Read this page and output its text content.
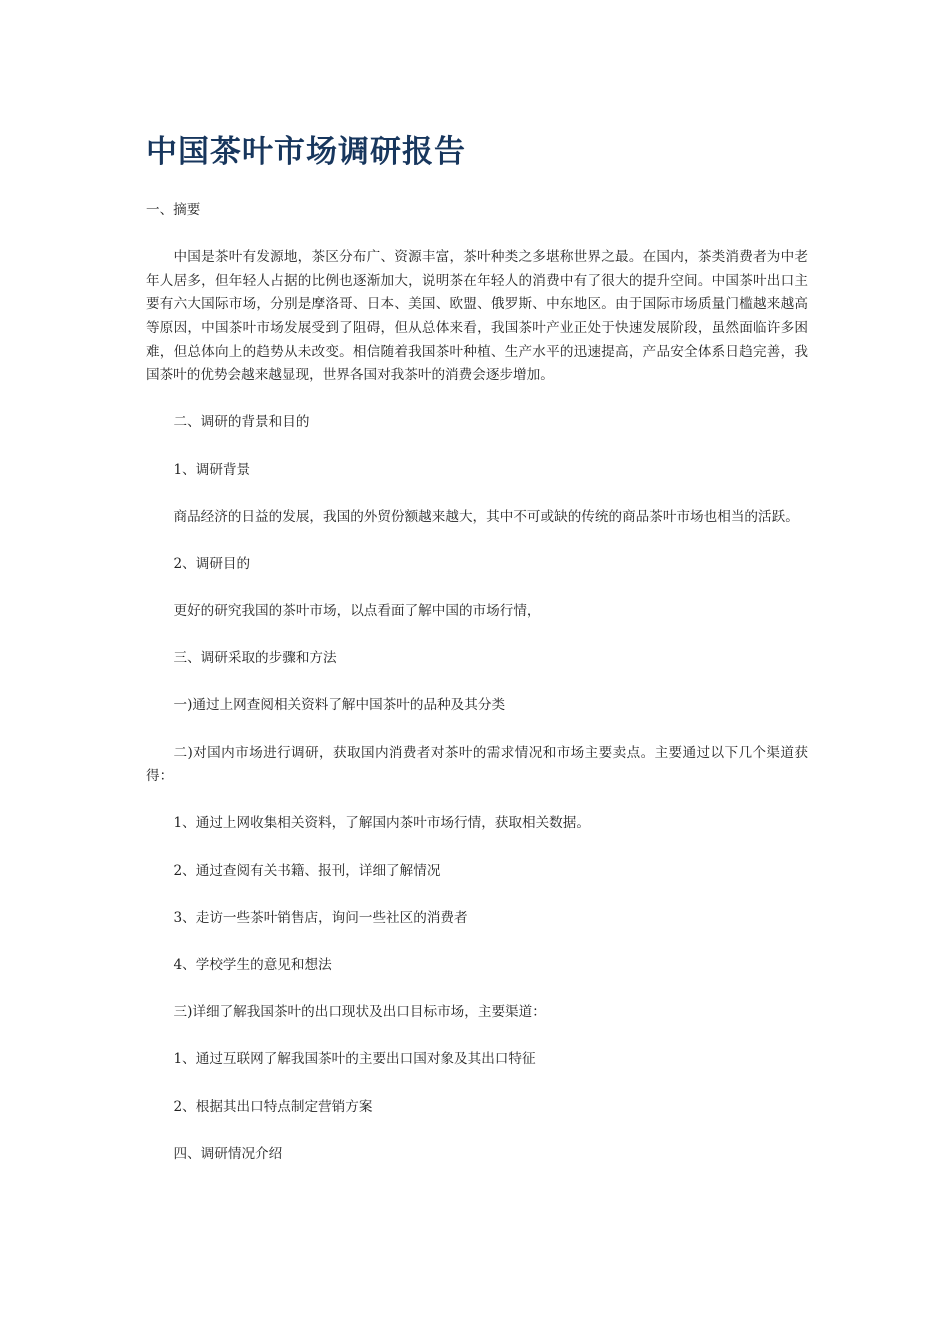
中国茶叶市场调研报告

一、摘要

中国是茶叶有发源地，茶区分布广、资源丰富，茶叶种类之多堪称世界之最。在国内，茶类消费者为中老年人居多，但年轻人占据的比例也逐渐加大，说明茶在年轻人的消费中有了很大的提升空间。中国茶叶出口主要有六大国际市场，分别是摩洛哥、日本、美国、欧盟、俄罗斯、中东地区。由于国际市场质量门槛越来越高等原因，中国茶叶市场发展受到了阻碍，但从总体来看，我国茶叶产业正处于快速发展阶段，虽然面临许多困难，但总体向上的趋势从未改变。相信随着我国茶叶种植、生产水平的迅速提高，产品安全体系日趋完善，我国茶叶的优势会越来越显现，世界各国对我茶叶的消费会逐步增加。

二、调研的背景和目的

1、调研背景

商品经济的日益的发展，我国的外贸份额越来越大，其中不可或缺的传统的商品茶叶市场也相当的活跃。

2、调研目的

更好的研究我国的茶叶市场，以点看面了解中国的市场行情，

三、调研采取的步骤和方法

一)通过上网查阅相关资料了解中国茶叶的品种及其分类

二)对国内市场进行调研，获取国内消费者对茶叶的需求情况和市场主要卖点。主要通过以下几个渠道获得：

1、通过上网收集相关资料，了解国内茶叶市场行情，获取相关数据。

2、通过查阅有关书籍、报刊，详细了解情况

3、走访一些茶叶销售店，询问一些社区的消费者

4、学校学生的意见和想法

三)详细了解我国茶叶的出口现状及出口目标市场，主要渠道：

1、通过互联网了解我国茶叶的主要出口国对象及其出口特征

2、根据其出口特点制定营销方案

四、调研情况介绍
